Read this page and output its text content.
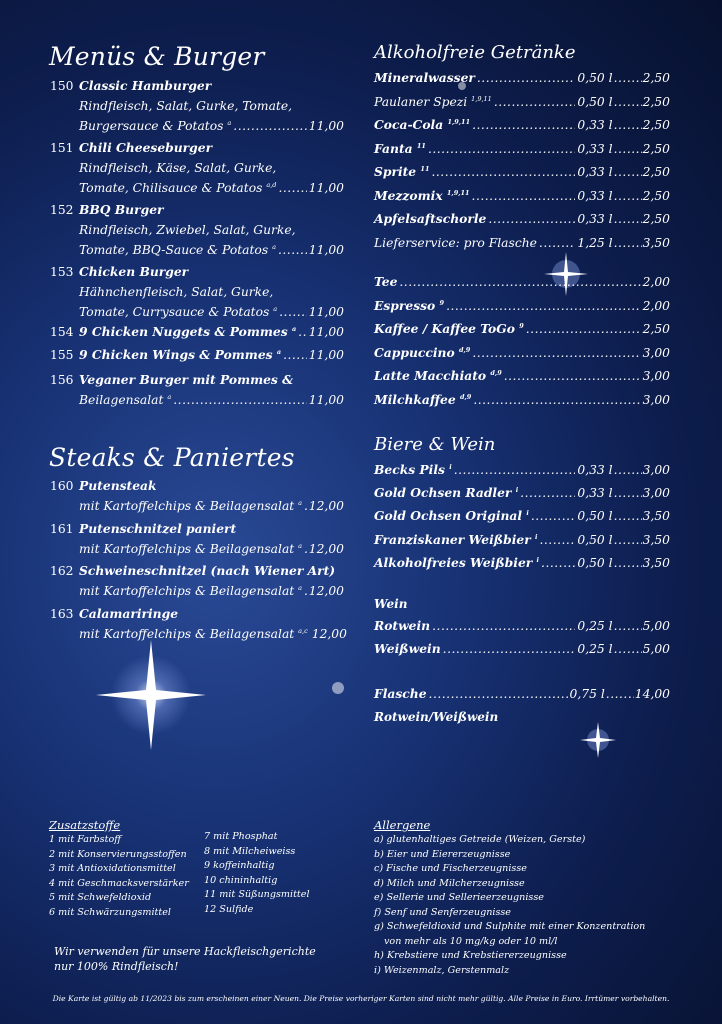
Menüs & Burger
150 Classic Hamburger
Rindfleisch, Salat, Gurke, Tomate,
Burgersauce & Potatos $^a$ .....	11,00
151 Chili Cheeseburger
Rindfleisch, Käse, Salat, Gurke,
Tomate, Chilisauce & Potatos $^{a,d}$ .....	11,00
152 BBQ Burger
Rindfleisch, Zwiebel, Salat, Gurke,
Tomate, BBQ-Sauce & Potatos $^a$ .....	11,00
153 Chicken Burger
Hähnchenfleisch, Salat, Gurke,
Tomate, Currysauce & Potatos $^a$ .....	11,00
154 9 Chicken Nuggets & Pommes $^a$ ..... 11,00
155 9 Chicken Wings & Pommes $^a$ ..... 11,00
156 Veganer Burger mit Pommes &
Beilagensalat $^a$ .....	11,00
Steaks & Paniertes
160 Putensteak
mit Kartoffelchips & Beilagensalat $^a$ ..... 12,00
161 Putenschnitzel paniert
mit Kartoffelchips & Beilagensalat $^a$ ..... 12,00
162 Schweineschnitzel (nach Wiener Art)
mit Kartoffelchips & Beilagensalat $^a$ ..... 12,00
163 Calamariringe
mit Kartoffelchips & Beilagensalat $^{a,c}$ 12,00
Alkoholfreie Getränke
Mineralwasser .....	0,50 l ..... 2,50
Paulaner Spezi $^{1,9,11}$ .....	0,50 l ..... 2,50
Coca-Cola $^{1,9,11}$ .....	0,33 l ..... 2,50
Fanta $^{11}$ .....	0,33 l ..... 2,50
Sprite $^{11}$ .....	0,33 l ..... 2,50
Mezzomix $^{1,9,11}$ .....	0,33 l ..... 2,50
Apfelsaftschorle .....	0,33 l ..... 2,50
Lieferservice: pro Flasche .....	1,25 l ..... 3,50
Tee .....	2,00
Espresso $^9$ .....	2,00
Kaffee / Kaffee ToGo $^9$ .....	2,50
Cappuccino $^{d,9}$ .....	3,00
Latte Macchiato $^{d,9}$ .....	3,00
Milchkaffee $^{d,9}$ .....	3,00
Biere & Wein
Becks Pils $^i$ .....	0,33 l ..... 3,00
Gold Ochsen Radler $^i$ .....	0,33 l ..... 3,00
Gold Ochsen Original $^i$ .....	0,50 l ..... 3,50
Franziskaner Weißbier $^i$ .....	0,50 l ..... 3,50
Alkoholfreies Weißbier $^i$ .....	0,50 l ..... 3,50
Wein
Rotwein .....	0,25 l ..... 5,00
Weißwein .....	0,25 l ..... 5,00
Flasche .....	0,75 l ..... 14,00
Rotwein/Weißwein
Zusatzstoffe
1 mit Farbstoff
2 mit Konservierungsstoffen
3 mit Antioxidationsmittel
4 mit Geschmacksverstärker
5 mit Schwefeldioxid
6 mit Schwärzungsmittel
7 mit Phosphat
8 mit Milcheiweiss
9 koffeinhaltig
10 chininhaltig
11 mit Süßungsmittel
12 Sulfide
Allergene
a) glutenhaltiges Getreide (Weizen, Gerste)
b) Eier und Eiererzeugnisse
c) Fische und Fischerzeugnisse
d) Milch und Milcherzeugnisse
e) Sellerie und Sellerieerzeugnisse
f) Senf und Senferzeugnisse
g) Schwefeldioxid und Sulphite mit einer Konzentration
von mehr als 10 mg/kg oder 10 ml/l
h) Krebstiere und Krebstiererzeugnisse
i) Weizenmalz, Gerstenmalz
Wir verwenden für unsere Hackfleischgerichte
nur 100% Rindfleisch!
Die Karte ist gültig ab 11/2023 bis zum erscheinen einer Neuen. Die Preise vorheriger Karten sind nicht mehr gültig. Alle Preise in Euro. Irrtümer vorbehalten.
